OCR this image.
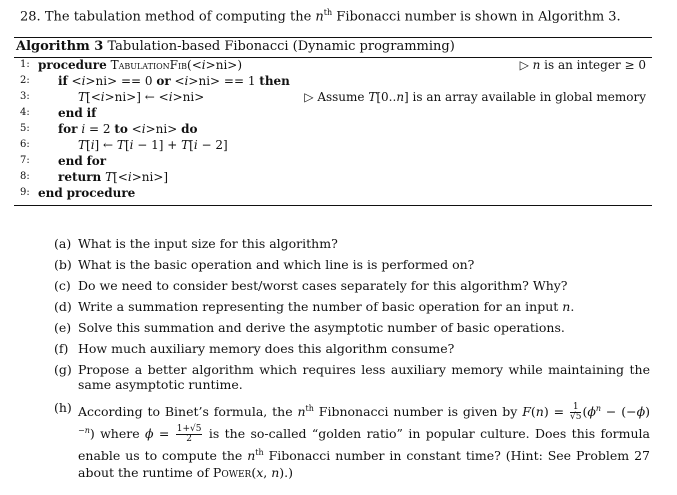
28. The tabulation method of computing the $n^{th}$ Fibonacci number is shown in Algorithm 3.
Algorithm 3 Tabulation-based Fibonacci (Dynamic programming)
1: procedure TabulationFib(<i>ni>)	▷ n is an integer ≥ 0
2: if <i>ni> == 0 or <i>ni> == 1 then
3:	T[<i>ni>] ← <i>ni>	▷ Assume T[0..n] is an array available in global memory
4: end if
5: for i = 2 to <i>ni> do
6:	T[i] ← T[i − 1] + T[i − 2]
7: end for
8: return T[<i>ni>]
9: end procedure
(a) What is the input size for this algorithm?
(b) What is the basic operation and which line is is performed on?
(c) Do we need to consider best/worst cases separately for this algorithm? Why?
(d) Write a summation representing the number of basic operation for an input n.
(e) Solve this summation and derive the asymptotic number of basic operations.
(f) How much auxiliary memory does this algorithm consume?
(g) Propose a better algorithm which requires less auxiliary memory while maintaining the same asymptotic runtime.
(h) According to Binet’s formula, the $n^{th}$ Fibnonacci number is given by $F(n) = \frac{1}{√5} (\phi^n - (-\phi)^{-n})$ where $\phi = \frac{1+√5}{2}$ is the so-called “golden ratio” in popular culture. Does this formula enable us to compute the $n^{th}$ Fibonacci number in constant time? (Hint: See Problem 27 about the runtime of Power(x, n).)
